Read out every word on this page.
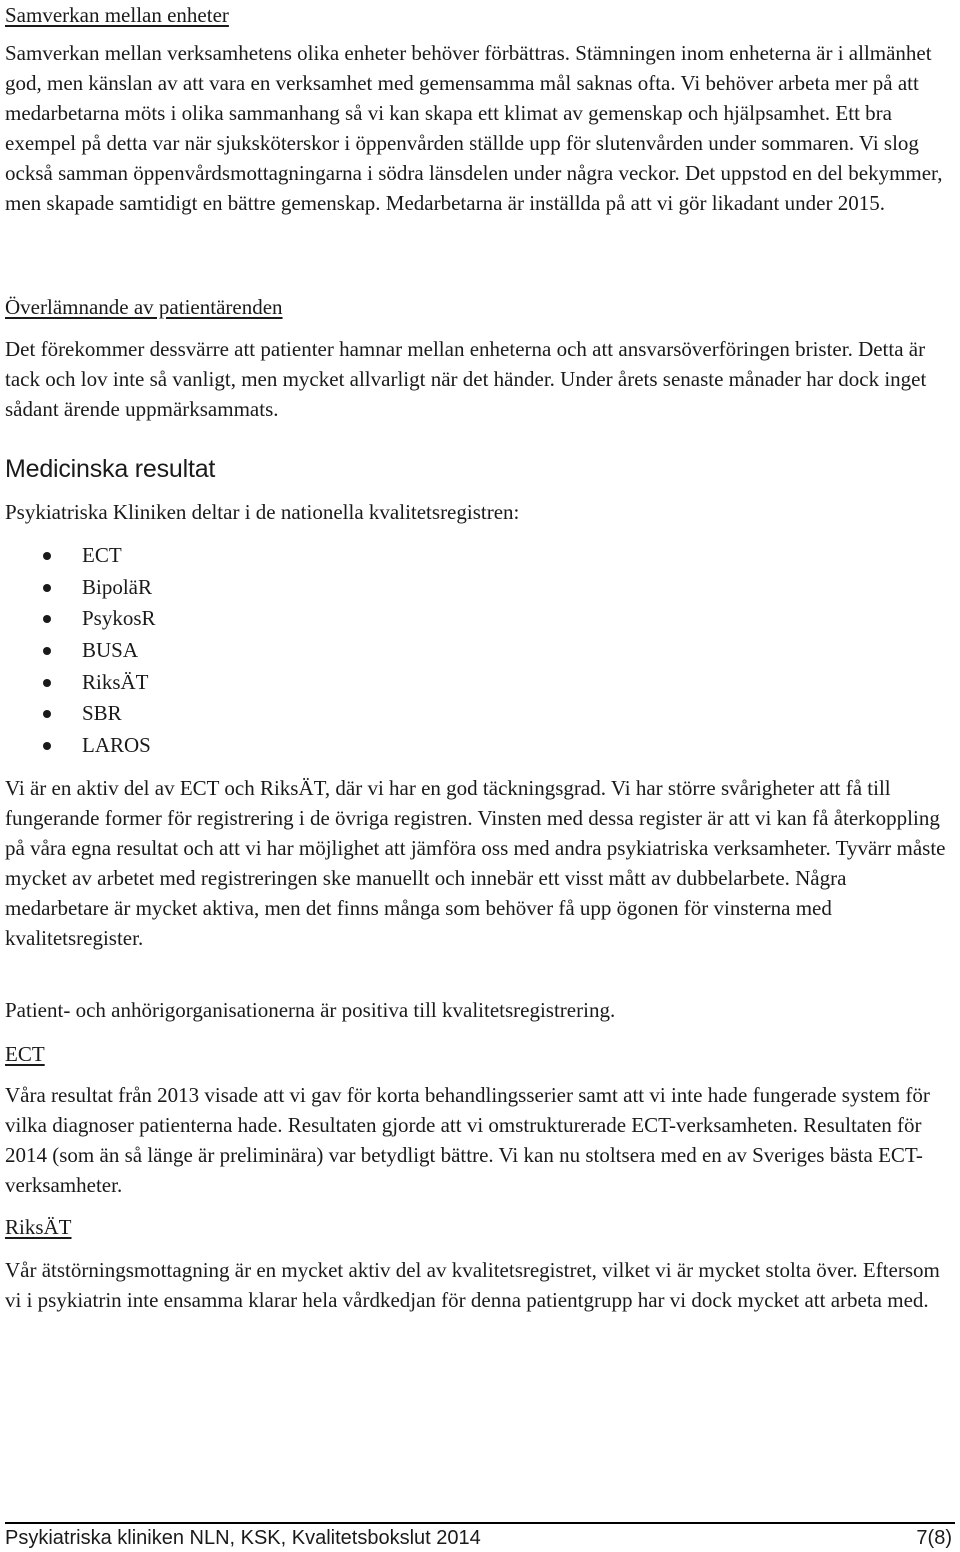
Samverkan mellan enheter

Samverkan mellan verksamhetens olika enheter behöver förbättras. Stämningen inom enheterna är i allmänhet god, men känslan av att vara en verksamhet med gemensamma mål saknas ofta. Vi behöver arbeta mer på att medarbetarna möts i olika sammanhang så vi kan skapa ett klimat av gemenskap och hjälpsamhet. Ett bra exempel på detta var när sjuksköterskor i öppenvården ställde upp för slutenvården under sommaren. Vi slog också samman öppenvårdsmottagningarna i södra länsdelen under några veckor. Det uppstod en del bekymmer, men skapade samtidigt en bättre gemenskap. Medarbetarna är inställda på att vi gör likadant under 2015.

Överlämnande av patientärenden

Det förekommer dessvärre att patienter hamnar mellan enheterna och att ansvarsöverföringen brister. Detta är tack och lov inte så vanligt, men mycket allvarligt när det händer. Under årets senaste månader har dock inget sådant ärende uppmärksammats.

Medicinska resultat

Psykiatriska Kliniken deltar i de nationella kvalitetsregistren:

ECT
BipoläR
PsykosR
BUSA
RiksÄT
SBR
LAROS

Vi är en aktiv del av ECT och RiksÄT, där vi har en god täckningsgrad. Vi har större svårigheter att få till fungerande former för registrering i de övriga registren. Vinsten med dessa register är att vi kan få återkoppling på våra egna resultat och att vi har möjlighet att jämföra oss med andra psykiatriska verksamheter. Tyvärr måste mycket av arbetet med registreringen ske manuellt och innebär ett visst mått av dubbelarbete. Några medarbetare är mycket aktiva, men det finns många som behöver få upp ögonen för vinsterna med kvalitetsregister.

Patient- och anhörigorganisationerna är positiva till kvalitetsregistrering.

ECT

Våra resultat från 2013 visade att vi gav för korta behandlingsserier samt att vi inte hade fungerade system för vilka diagnoser patienterna hade. Resultaten gjorde att vi omstrukturerade ECT-verksamheten. Resultaten för 2014 (som än så länge är preliminära) var betydligt bättre. Vi kan nu stoltsera med en av Sveriges bästa ECT-verksamheter.

RiksÄT

Vår ätstörningsmottagning är en mycket aktiv del av kvalitetsregistret, vilket vi är mycket stolta över. Eftersom vi i psykiatrin inte ensamma klarar hela vårdkedjan för denna patientgrupp har vi dock mycket att arbeta med.

Psykiatriska kliniken NLN, KSK, Kvalitetsbokslut 2014	7(8)
